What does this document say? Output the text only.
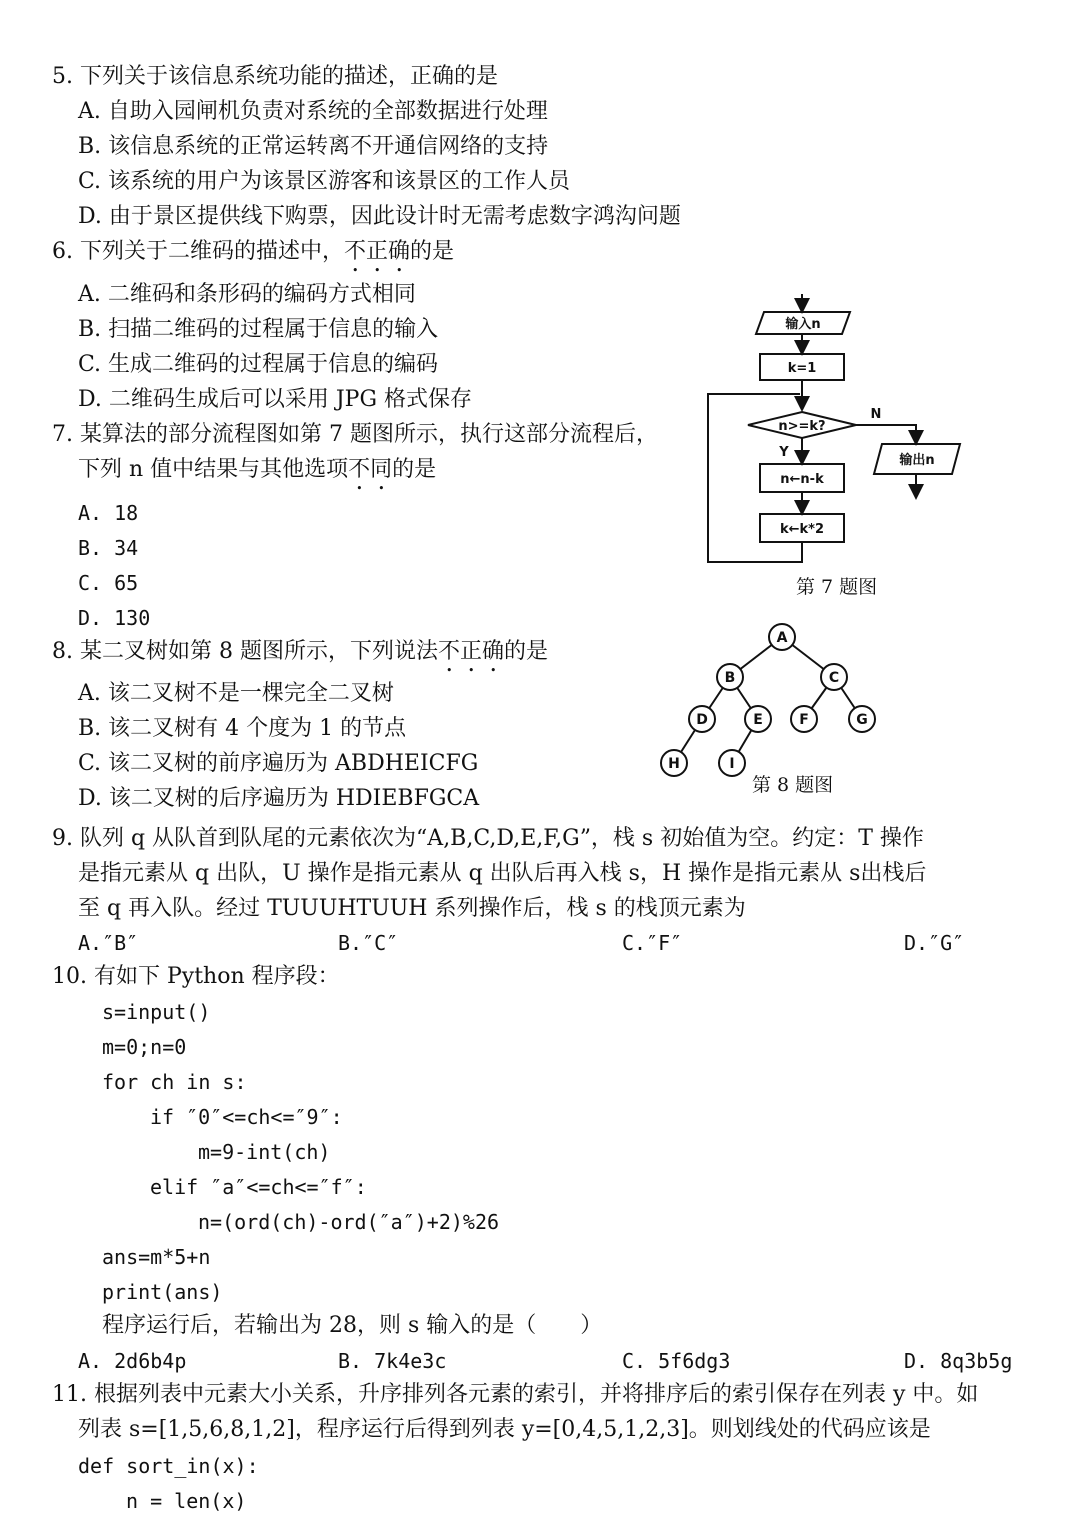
5. 下列关于该信息系统功能的描述，正确的是
A. 自助入园闸机负责对系统的全部数据进行处理
B. 该信息系统的正常运转离不开通信网络的支持
C. 该系统的用户为该景区游客和该景区的工作人员
D. 由于景区提供线下购票，因此设计时无需考虑数字鸿沟问题
6. 下列关于二维码的描述中，不正确的是
A. 二维码和条形码的编码方式相同
B. 扫描二维码的过程属于信息的输入
C. 生成二维码的过程属于信息的编码
D. 二维码生成后可以采用 JPG 格式保存
7. 某算法的部分流程图如第 7 题图所示，执行这部分流程后，
下列 n 值中结果与其他选项不同的是
A. 18
B. 34
C. 65
D. 130
输入n
k=1
n>=k?
Y
N
n←n-k
k←k*2
输出n
第 7 题图
8. 某二叉树如第 8 题图所示，下列说法不正确的是
A. 该二叉树不是一棵完全二叉树
B. 该二叉树有 4 个度为 1 的节点
C. 该二叉树的前序遍历为 ABDHEICFG
D. 该二叉树的后序遍历为 HDIEBFGCA
A
B	C
D	E	F	G
H	I
第 8 题图
9. 队列 q 从队首到队尾的元素依次为“A,B,C,D,E,F,G”，栈 s 初始值为空。约定：T 操作
是指元素从 q 出队，U 操作是指元素从 q 出队后再入栈 s，H 操作是指元素从 s出栈后
至 q 再入队。经过 TUUUHTUUH 系列操作后，栈 s 的栈顶元素为
A.″B″	B.″C″	C.″F″	D.″G″
10. 有如下 Python 程序段：
s=input()
m=0;n=0
for ch in s:
if ″0″<=ch<=″9″:
m=9-int(ch)
elif ″a″<=ch<=″f″:
n=(ord(ch)-ord(″a″)+2)%26
ans=m*5+n
print(ans)
程序运行后，若输出为 28，则 s 输入的是（　　）
A. 2d6b4p	B. 7k4e3c	C. 5f6dg3	D. 8q3b5g
11. 根据列表中元素大小关系，升序排列各元素的索引，并将排序后的索引保存在列表 y 中。如
列表 s=[1,5,6,8,1,2]，程序运行后得到列表 y=[0,4,5,1,2,3]。则划线处的代码应该是
def sort_in(x):
n = len(x)
